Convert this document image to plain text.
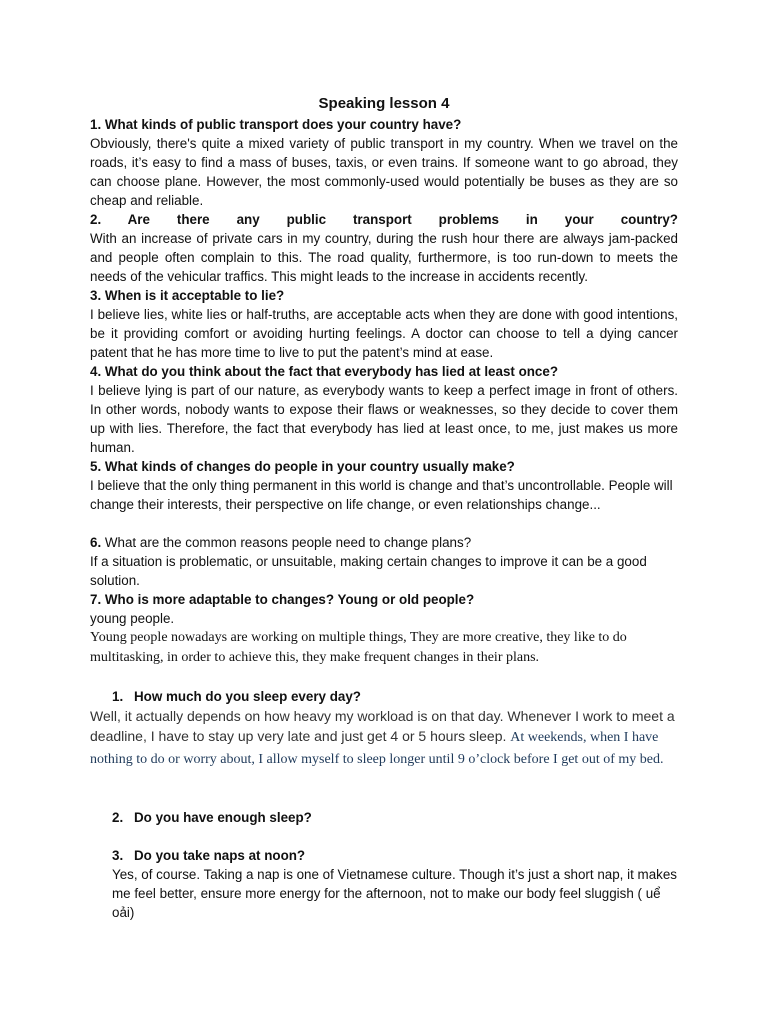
Speaking lesson 4

1. What kinds of public transport does your country have?

Obviously, there's quite a mixed variety of public transport in my country. When we travel on the roads, it’s easy to find a mass of buses, taxis, or even trains. If someone want to go abroad, they can choose plane. However, the most commonly-used would potentially be buses as they are so cheap and reliable.

2. Are there any public transport problems in your country?

With an increase of private cars in my country, during the rush hour there are always jam-packed and people often complain to this. The road quality, furthermore, is too run-down to meets the needs of the vehicular traffics. This might leads to the increase in accidents recently.

3. When is it acceptable to lie?

I believe lies, white lies or half-truths, are acceptable acts when they are done with good intentions, be it providing comfort or avoiding hurting feelings. A doctor can choose to tell a dying cancer patent that he has more time to live to put the patent’s mind at ease.

4. What do you think about the fact that everybody has lied at least once?

I believe lying is part of our nature, as everybody wants to keep a perfect image in front of others. In other words, nobody wants to expose their flaws or weaknesses, so they decide to cover them up with lies. Therefore, the fact that everybody has lied at least once, to me, just makes us more human.

5. What kinds of changes do people in your country usually make?

I believe that the only thing permanent in this world is change and that’s uncontrollable. People will change their interests, their perspective on life change, or even relationships change...

6. What are the common reasons people need to change plans?

If a situation is problematic, or unsuitable, making certain changes to improve it can be a good solution.

7. Who is more adaptable to changes? Young or old people?

young people.

Young people nowadays are working on multiple things, They are more creative, they like to do multitasking, in order to achieve this, they make frequent changes in their plans.

1. How much do you sleep every day?

Well, it actually depends on how heavy my workload is on that day. Whenever I work to meet a deadline, I have to stay up very late and just get 4 or 5 hours sleep. At weekends, when I have nothing to do or worry about, I allow myself to sleep longer until 9 o’clock before I get out of my bed.

2. Do you have enough sleep?

3. Do you take naps at noon?

Yes, of course. Taking a nap is one of Vietnamese culture. Though it’s just a short nap, it makes me feel better, ensure more energy for the afternoon, not to make our body feel sluggish ( uể oải)
